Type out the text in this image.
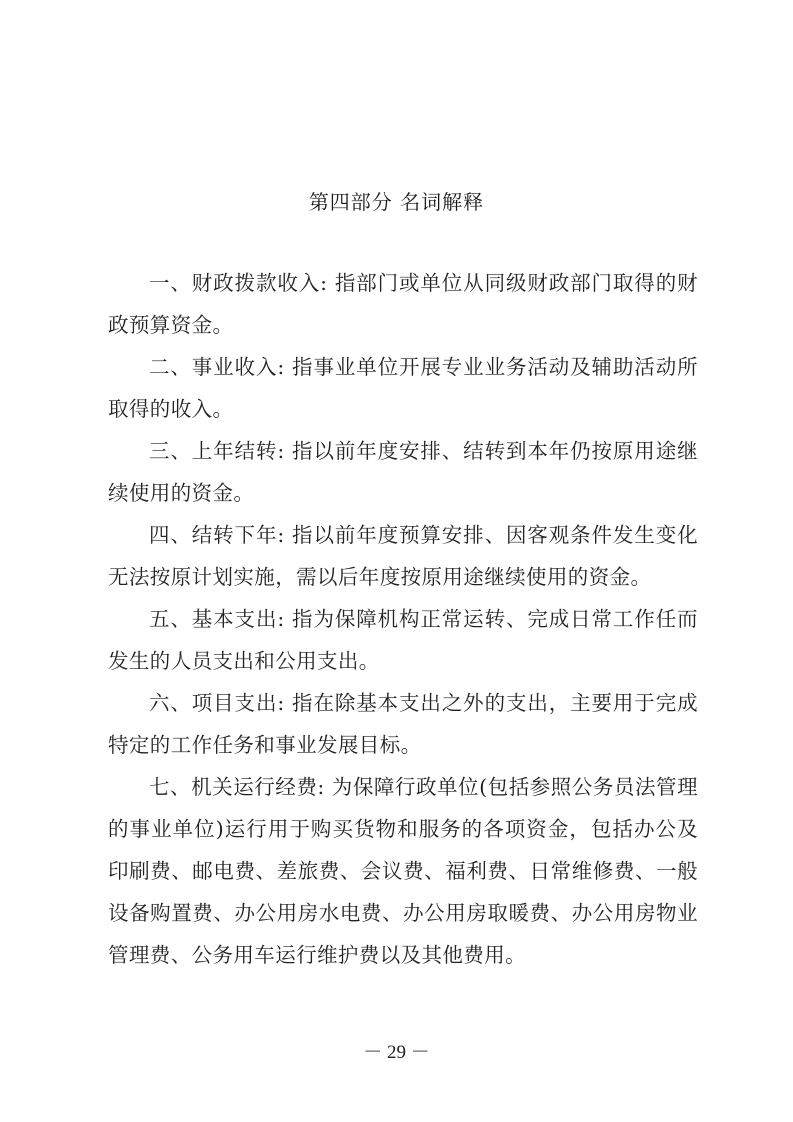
第四部分 名词解释

一、财政拨款收入: 指部门或单位从同级财政部门取得的财政预算资金。

二、事业收入: 指事业单位开展专业业务活动及辅助活动所取得的收入。

三、上年结转: 指以前年度安排、结转到本年仍按原用途继续使用的资金。

四、结转下年: 指以前年度预算安排、因客观条件发生变化无法按原计划实施，需以后年度按原用途继续使用的资金。

五、基本支出: 指为保障机构正常运转、完成日常工作任而发生的人员支出和公用支出。

六、项目支出: 指在除基本支出之外的支出，主要用于完成特定的工作任务和事业发展目标。

七、机关运行经费: 为保障行政单位(包括参照公务员法管理的事业单位)运行用于购买货物和服务的各项资金，包括办公及印刷费、邮电费、差旅费、会议费、福利费、日常维修费、一般设备购置费、办公用房水电费、办公用房取暖费、办公用房物业管理费、公务用车运行维护费以及其他费用。

－ 29 －
